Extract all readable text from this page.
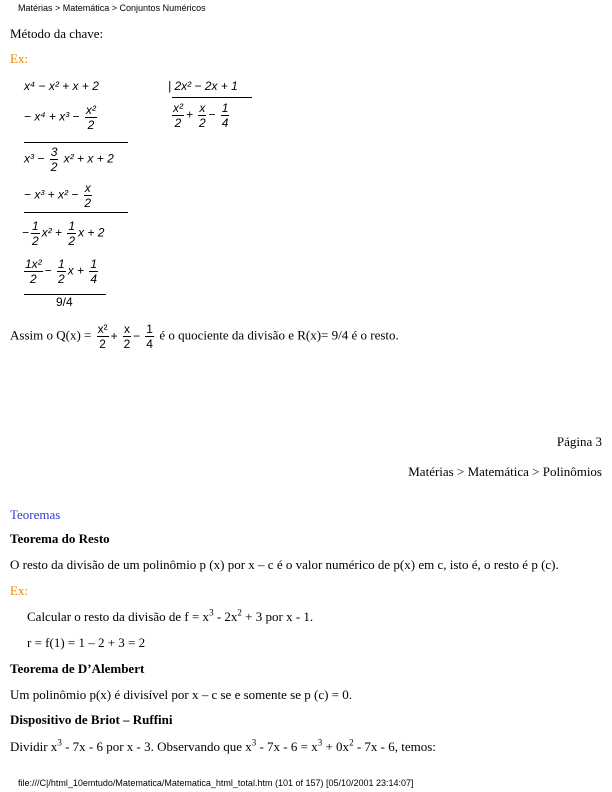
Matérias > Matemática > Conjuntos Numéricos
Método da chave:
Ex:
x⁴ − x² + x + 2	| 2x² − 2x + 1
$\frac{\text{x²}}{2} + \frac{x}{2} - \frac{1}{4}$
− $x^4 + x^3 - \frac{\text{x²}}{2}$
$x^3 - \frac{3}{2} x^2 + x + 2$
− $x^3 + x^2 - \frac{x}{2}$
− $\frac{1}{2} x^2 + \frac{1}{2}$ x + 2
$\frac{\text{1x²}}{2} - \frac{1}{2}$ $x + \frac{1}{4}$
9/4
Assim o $Q(x) = \frac{\text{x²}}{2} + \frac{x}{2} - \frac{1}{4}$ é o quociente da divisão e R(x)= 9/4 é o resto.
Página 3
Matérias > Matemática > Polinômios
Teoremas
Teorema do Resto
O resto da divisão de um polinômio p (x) por x – c é o valor numérico de p(x) em c, isto é, o resto é p (c).
Ex:
Calcular o resto da divisão de $f = x^3 - 2x^2 + 3$ por x - 1.
r = f(1) = 1 – 2 + 3 = 2
Teorema de D’Alembert
Um polinômio p(x) é divisível por x – c se e somente se p (c) = 0.
Dispositivo de Briot – Ruffini
Dividir $x^3 - 7x - 6$ por x - 3. Observando que $x^3 - 7x - 6 = x^3 + 0x^2 - 7x - 6$, temos:
file:///C|/html_10emtudo/Matematica/Matematica_html_total.htm (101 of 157) [05/10/2001 23:14:07]
